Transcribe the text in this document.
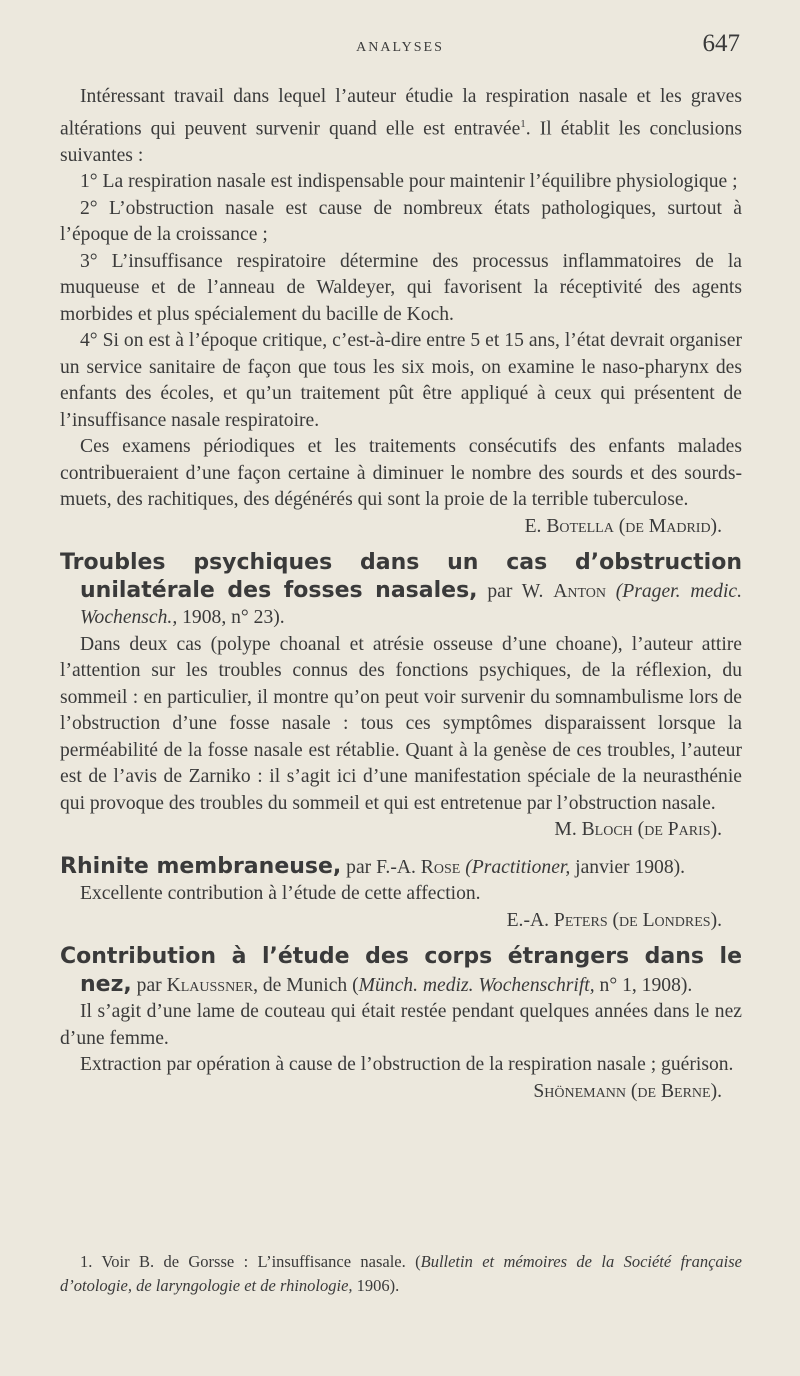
ANALYSES	647

Intéressant travail dans lequel l’auteur étudie la respiration nasale et les graves altérations qui peuvent survenir quand elle est entravée$^1$. Il établit les conclusions suivantes :

1° La respiration nasale est indispensable pour maintenir l’équilibre physiologique ;

2° L’obstruction nasale est cause de nombreux états pathologiques, surtout à l’époque de la croissance ;

3° L’insuffisance respiratoire détermine des processus inflammatoires de la muqueuse et de l’anneau de Waldeyer, qui favorisent la réceptivité des agents morbides et plus spécialement du bacille de Koch.

4° Si on est à l’époque critique, c’est-à-dire entre 5 et 15 ans, l’état devrait organiser un service sanitaire de façon que tous les six mois, on examine le naso-pharynx des enfants des écoles, et qu’un traitement pût être appliqué à ceux qui présentent de l’insuffisance nasale respiratoire.

Ces examens périodiques et les traitements consécutifs des enfants malades contribueraient d’une façon certaine à diminuer le nombre des sourds et des sourds-muets, des rachitiques, des dégénérés qui sont la proie de la terrible tuberculose.

E. Botella (de Madrid).

Troubles psychiques dans un cas d’obstruction unilatérale des fosses nasales, par W. Anton (Prager. medic. Wochensch., 1908, n° 23).

Dans deux cas (polype choanal et atrésie osseuse d’une choane), l’auteur attire l’attention sur les troubles connus des fonctions psychiques, de la réflexion, du sommeil : en particulier, il montre qu’on peut voir survenir du somnambulisme lors de l’obstruction d’une fosse nasale : tous ces symptômes disparaissent lorsque la perméabilité de la fosse nasale est rétablie. Quant à la genèse de ces troubles, l’auteur est de l’avis de Zarniko : il s’agit ici d’une manifestation spéciale de la neurasthénie qui provoque des troubles du sommeil et qui est entretenue par l’obstruction nasale.

M. Bloch (de Paris).

Rhinite membraneuse, par F.-A. Rose (Practitioner, janvier 1908).

Excellente contribution à l’étude de cette affection.

E.-A. Peters (de Londres).

Contribution à l’étude des corps étrangers dans le nez, par Klaussner, de Munich (Münch. mediz. Wochenschrift, n° 1, 1908).

Il s’agit d’une lame de couteau qui était restée pendant quelques années dans le nez d’une femme.

Extraction par opération à cause de l’obstruction de la respiration nasale ; guérison.

Shönemann (de Berne).

1. Voir B. de Gorsse : L’insuffisance nasale. (Bulletin et mémoires de la Société française d’otologie, de laryngologie et de rhinologie, 1906).
